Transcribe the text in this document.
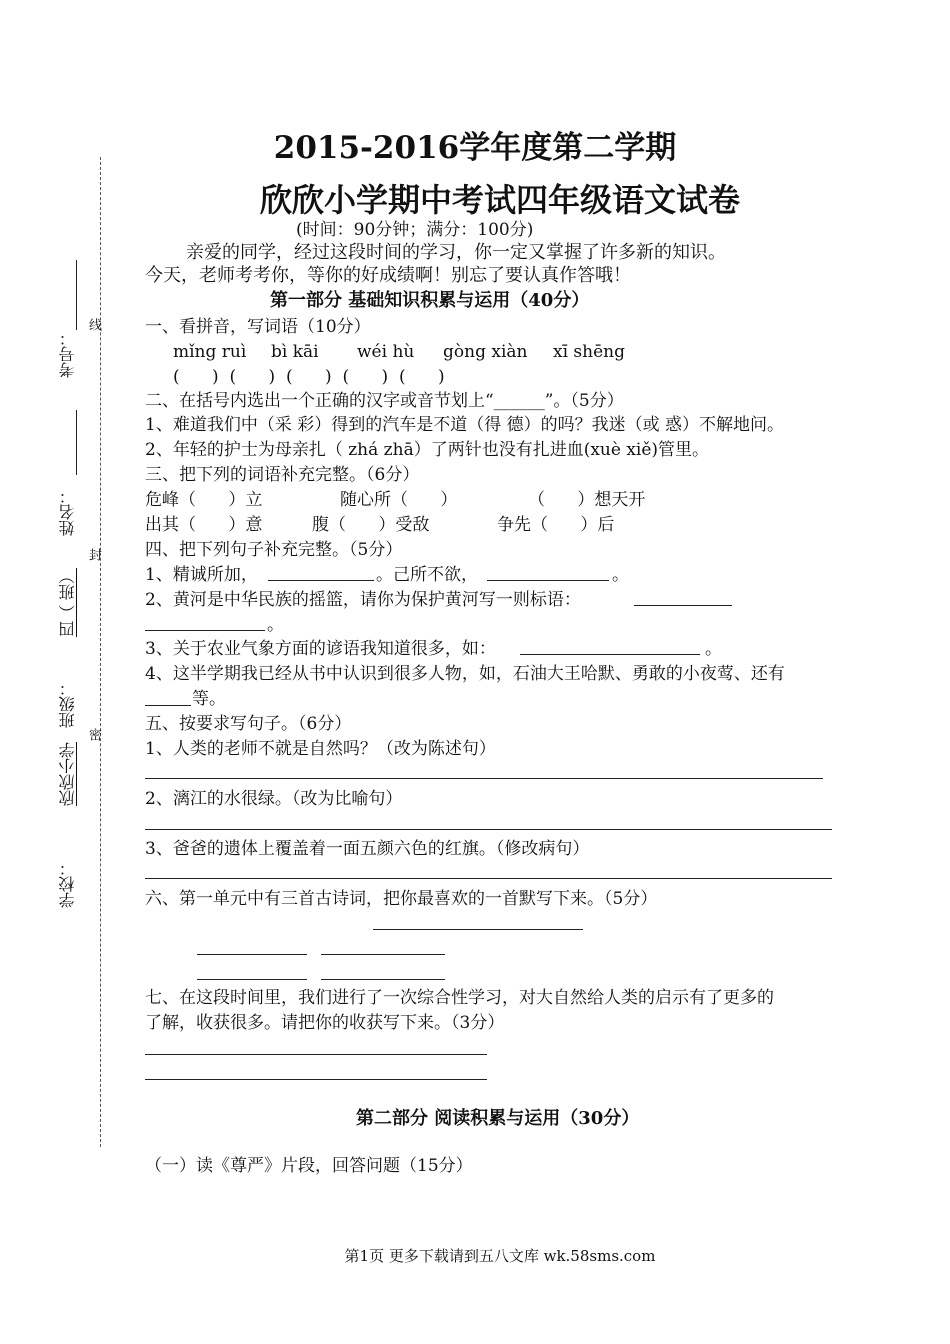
学校：
欣欣小学
班级：
四（ 班）
姓名：
考号：
密
封
线
2015-2016学年度第二学期
欣欣小学期中考试四年级语文试卷
(时间：90分钟；满分：100分)
亲爱的同学，经过这段时间的学习，你一定又掌握了许多新的知识。
今天，老师考考你，等你的好成绩啊！别忘了要认真作答哦！
第一部分 基础知识积累与运用（40分）
一、看拼音，写词语（10分）
mǐng ruì bì kāi wéi hù gòng xiàn xī shēng
(      )  (      )  (      )  (      )  (      )
二、在括号内选出一个正确的汉字或音节划上“______”。（5分）
1、难道我们中（采 彩）得到的汽车是不道（得 德）的吗？我迷（或 惑）不解地问。
2、年轻的护士为母亲扎（ zhá zhā）了两针也没有扎进血(xuè xiě)管里。
三、把下列的词语补充完整。（6分）
危峰（      ）立	随心所（      ）	（      ）想天开
出其（      ）意	腹（      ）受敌	争先（      ）后
四、把下列句子补充完整。（5分）
1、精诚所加，	。己所不欲，	。
2、黄河是中华民族的摇篮，请你为保护黄河写一则标语：
。
3、关于农业气象方面的谚语我知道很多，如：	。
4、这半学期我已经从书中认识到很多人物，如，石油大王哈默、勇敢的小夜莺、还有
等。
五、按要求写句子。（6分）
1、人类的老师不就是自然吗？（改为陈述句）
2、漓江的水很绿。（改为比喻句）
3、爸爸的遗体上覆盖着一面五颜六色的红旗。（修改病句）
六、第一单元中有三首古诗词，把你最喜欢的一首默写下来。（5分）
七、在这段时间里，我们进行了一次综合性学习，对大自然给人类的启示有了更多的
了解，收获很多。请把你的收获写下来。（3分）
第二部分 阅读积累与运用（30分）
（一）读《尊严》片段，回答问题（15分）
第1页 更多下载请到五八文库 wk.58sms.com
